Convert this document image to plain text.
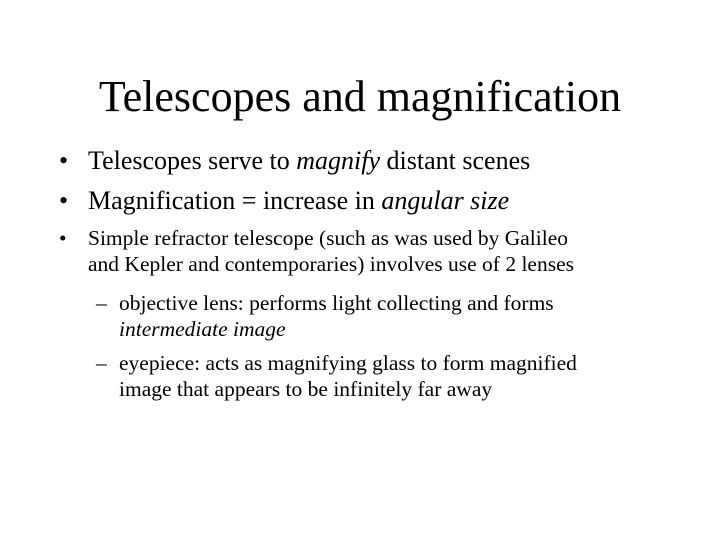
Telescopes and magnification
• Telescopes serve to magnify distant scenes
• Magnification = increase in angular size
• Simple refractor telescope (such as was used by Galileo
and Kepler and contemporaries) involves use of 2 lenses
– objective lens: performs light collecting and forms
intermediate image
– eyepiece: acts as magnifying glass to form magnified
image that appears to be infinitely far away
